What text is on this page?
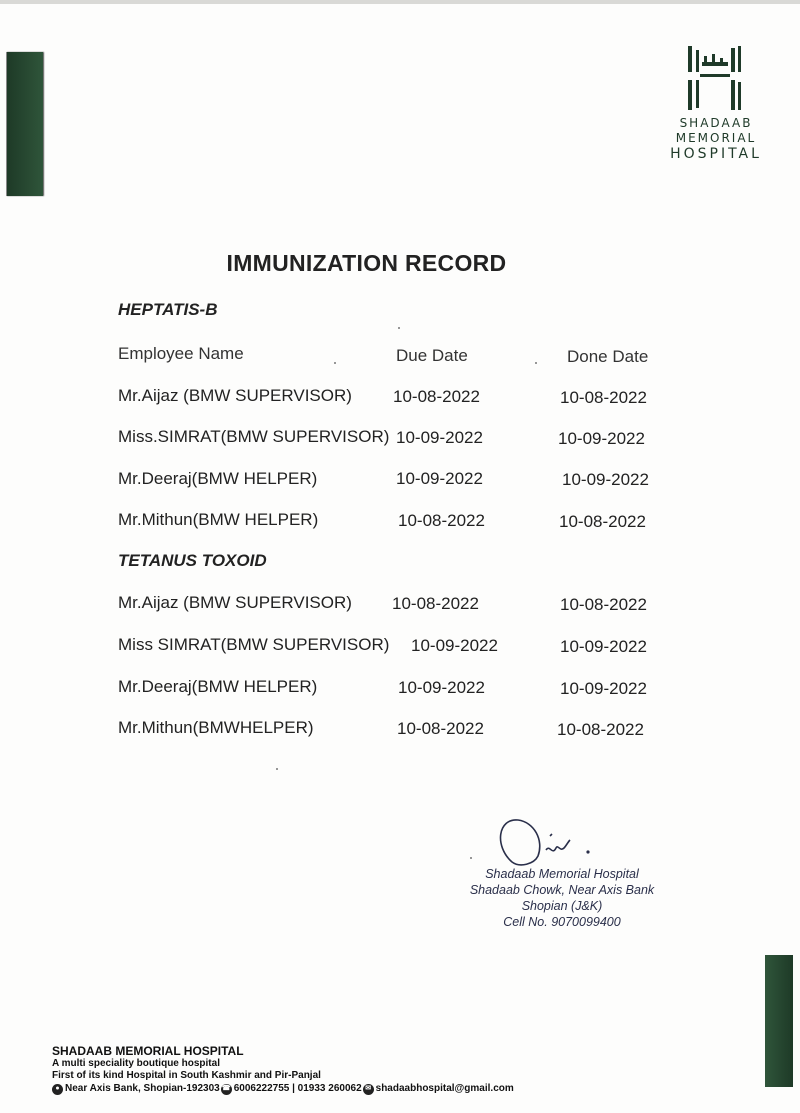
SHADAAB
MEMORIAL
HOSPITAL
IMMUNIZATION RECORD
HEPTATIS-B
Employee Name	Due Date	Done Date
Mr.Aijaz (BMW SUPERVISOR) 10-08-2022	10-08-2022
Miss.SIMRAT(BMW SUPERVISOR) 10-09-2022	10-09-2022
Mr.Deeraj(BMW HELPER)	10-09-2022	10-09-2022
Mr.Mithun(BMW HELPER)	10-08-2022	10-08-2022
TETANUS TOXOID
Mr.Aijaz (BMW SUPERVISOR) 10-08-2022	10-08-2022
Miss SIMRAT(BMW SUPERVISOR) 10-09-2022	10-09-2022
Mr.Deeraj(BMW HELPER)	10-09-2022	10-09-2022
Mr.Mithun(BMWHELPER)	10-08-2022	10-08-2022
Shadaab Memorial Hospital
Shadaab Chowk, Near Axis Bank
Shopian (J&K)
Cell No. 9070099400
SHADAAB MEMORIAL HOSPITAL
A multi speciality boutique hospital
First of its kind Hospital in South Kashmir and Pir-Panjal
● Near Axis Bank, Shopian-192303 ☎ 6006222755 | 01933 260062 ✉ shadaabhospital@gmail.com
